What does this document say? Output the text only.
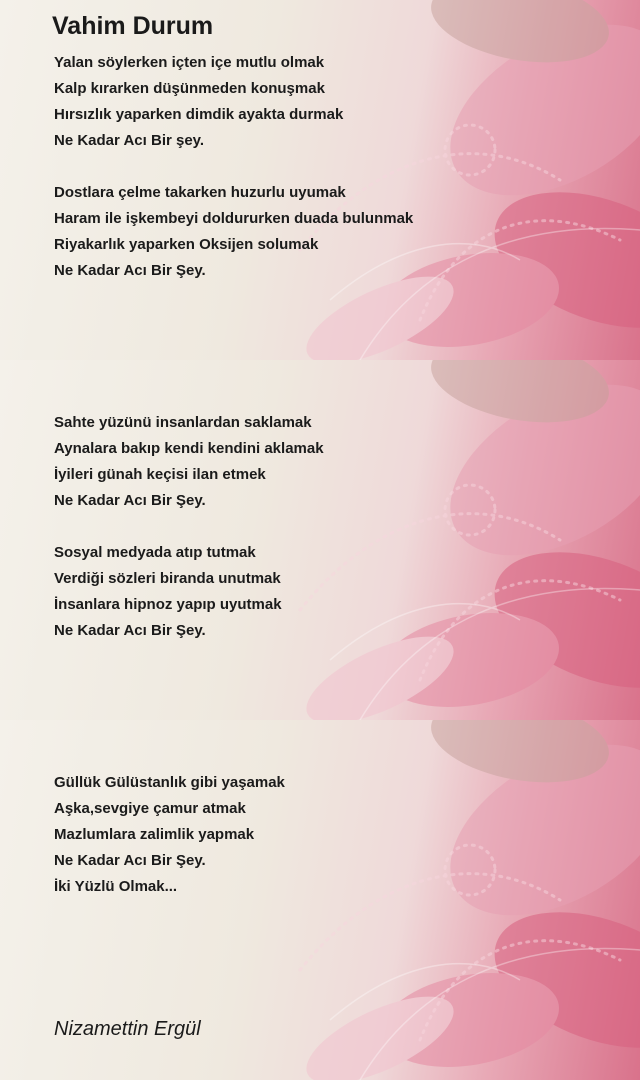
Vahim Durum
Yalan söylerken içten içe mutlu olmak
Kalp kırarken düşünmeden konuşmak
Hırsızlık yaparken dimdik ayakta durmak
Ne Kadar Acı Bir şey.
Dostlara çelme takarken huzurlu uyumak
Haram ile işkembeyi doldururken duada bulunmak
Riyakarlık yaparken Oksijen solumak
Ne Kadar Acı Bir Şey.
Sahte yüzünü insanlardan saklamak
Aynalara bakıp kendi kendini aklamak
İyileri günah keçisi ilan etmek
Ne Kadar Acı Bir Şey.
Sosyal medyada atıp tutmak
Verdiği sözleri biranda unutmak
İnsanlara hipnoz yapıp uyutmak
Ne Kadar Acı Bir Şey.
Güllük Gülüstanlık gibi yaşamak
Aşka,sevgiye çamur atmak
Mazlumlara zalimlik yapmak
Ne Kadar Acı Bir Şey.
İki Yüzlü Olmak...

Nizamettin Ergül
